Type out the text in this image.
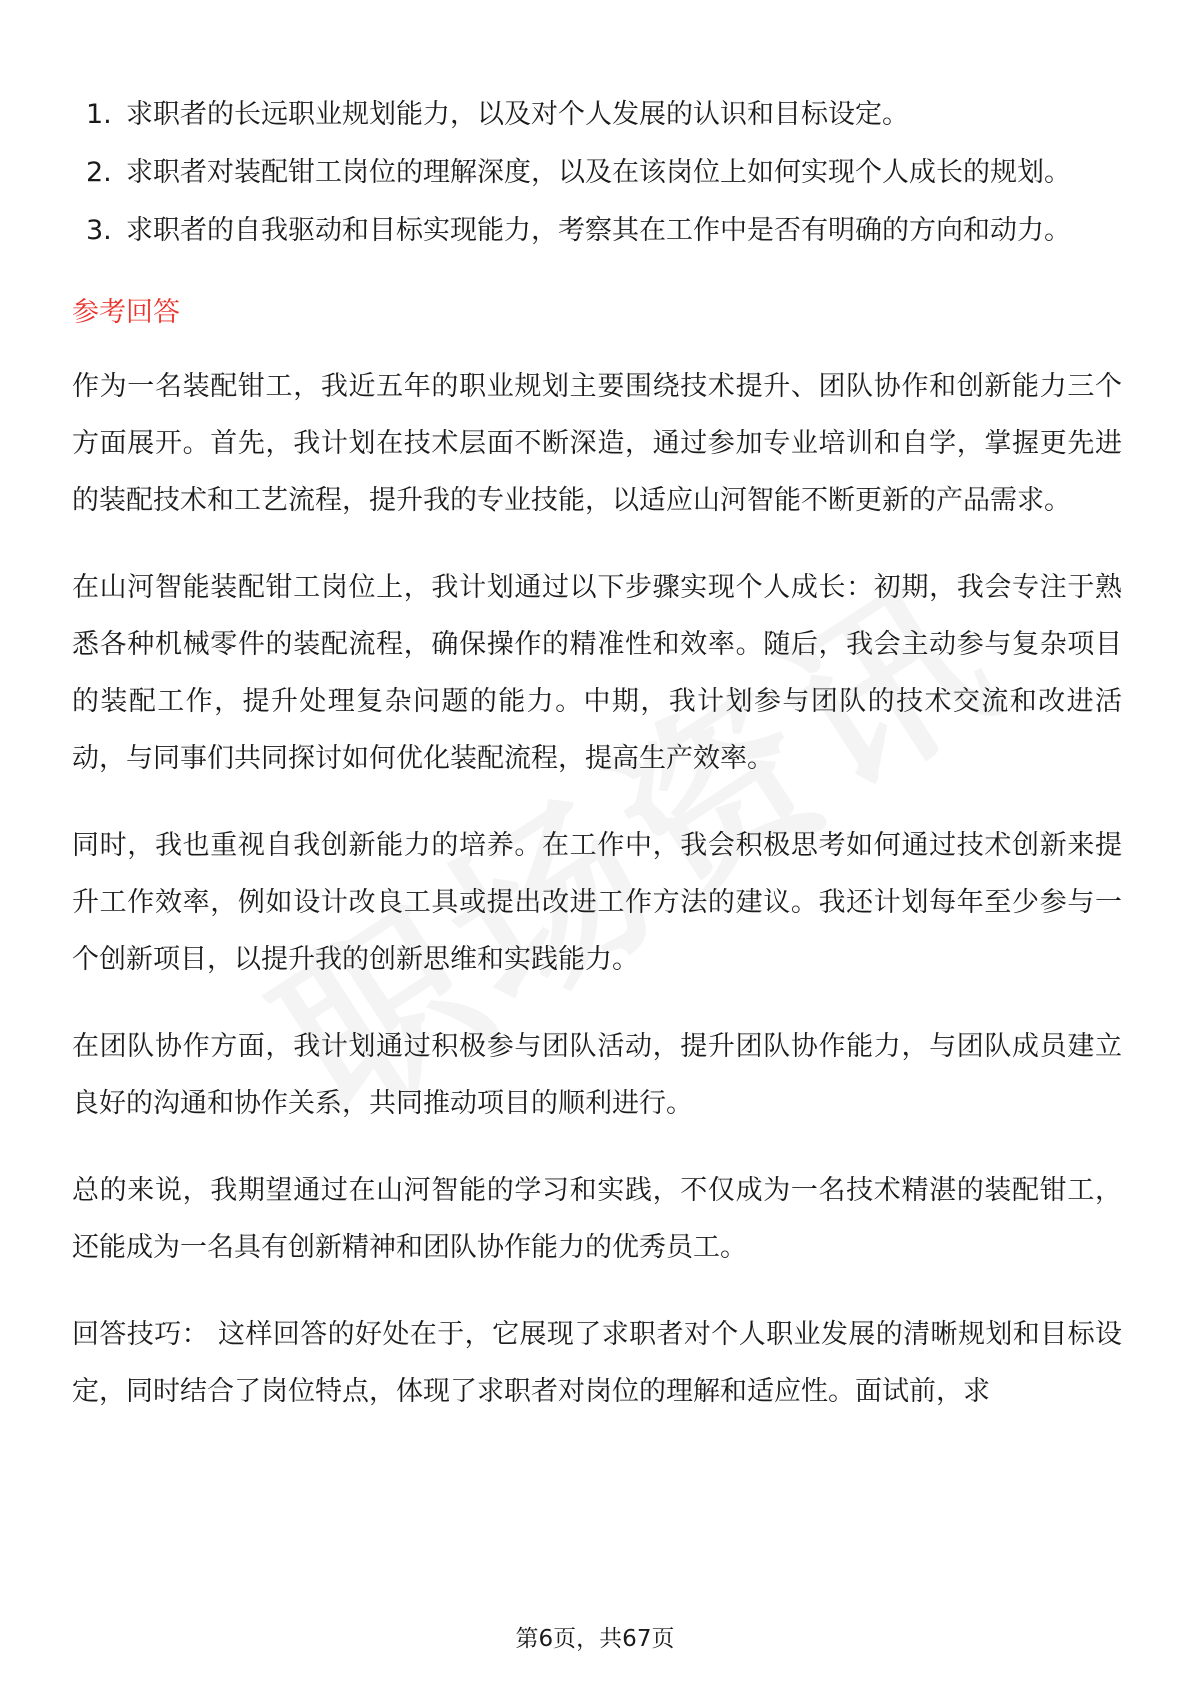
1. 求职者的长远职业规划能力，以及对个人发展的认识和目标设定。
2. 求职者对装配钳工岗位的理解深度，以及在该岗位上如何实现个人成长的规划。
3. 求职者的自我驱动和目标实现能力，考察其在工作中是否有明确的方向和动力。
参考回答

作为一名装配钳工，我近五年的职业规划主要围绕技术提升、团队协作和创新能力三个方面展开。首先，我计划在技术层面不断深造，通过参加专业培训和自学，掌握更先进的装配技术和工艺流程，提升我的专业技能，以适应山河智能不断更新的产品需求。

在山河智能装配钳工岗位上，我计划通过以下步骤实现个人成长：初期，我会专注于熟悉各种机械零件的装配流程，确保操作的精准性和效率。随后，我会主动参与复杂项目的装配工作，提升处理复杂问题的能力。中期，我计划参与团队的技术交流和改进活动，与同事们共同探讨如何优化装配流程，提高生产效率。

同时，我也重视自我创新能力的培养。在工作中，我会积极思考如何通过技术创新来提升工作效率，例如设计改良工具或提出改进工作方法的建议。我还计划每年至少参与一个创新项目，以提升我的创新思维和实践能力。

在团队协作方面，我计划通过积极参与团队活动，提升团队协作能力，与团队成员建立良好的沟通和协作关系，共同推动项目的顺利进行。

总的来说，我期望通过在山河智能的学习和实践，不仅成为一名技术精湛的装配钳工，还能成为一名具有创新精神和团队协作能力的优秀员工。

回答技巧： 这样回答的好处在于，它展现了求职者对个人职业发展的清晰规划和目标设定，同时结合了岗位特点，体现了求职者对岗位的理解和适应性。面试前，求

第6页，共67页
